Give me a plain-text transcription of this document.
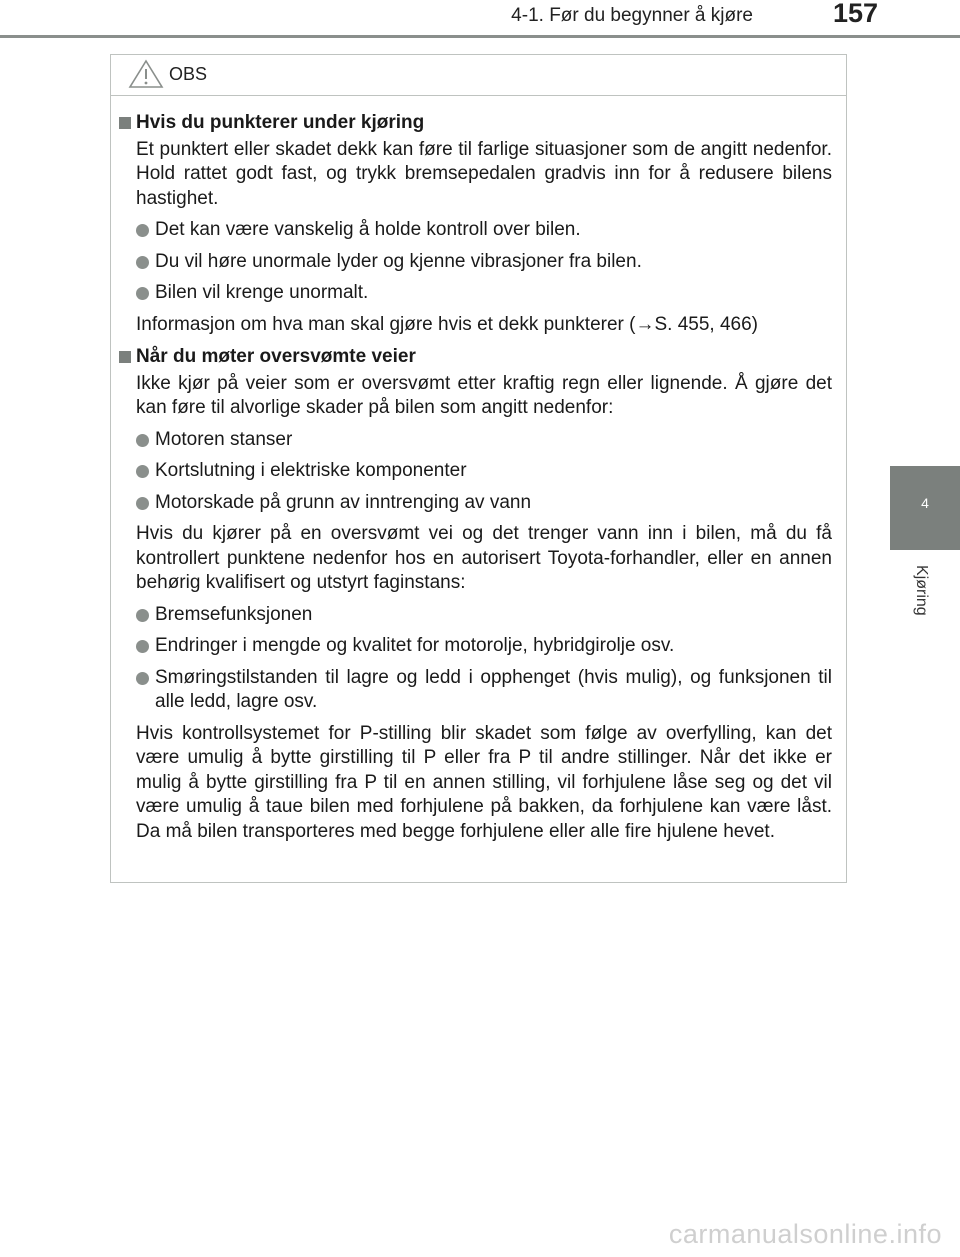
4-1. Før du begynner å kjøre	157
4
Kjøring
OBS
Hvis du punkterer under kjøring
Et punktert eller skadet dekk kan føre til farlige situasjoner som de angitt nedenfor. Hold rattet godt fast, og trykk bremsepedalen gradvis inn for å redusere bilens hastighet.
Det kan være vanskelig å holde kontroll over bilen.
Du vil høre unormale lyder og kjenne vibrasjoner fra bilen.
Bilen vil krenge unormalt.
Informasjon om hva man skal gjøre hvis et dekk punkterer (→S. 455, 466)
Når du møter oversvømte veier
Ikke kjør på veier som er oversvømt etter kraftig regn eller lignende. Å gjøre det kan føre til alvorlige skader på bilen som angitt nedenfor:
Motoren stanser
Kortslutning i elektriske komponenter
Motorskade på grunn av inntrenging av vann
Hvis du kjører på en oversvømt vei og det trenger vann inn i bilen, må du få kontrollert punktene nedenfor hos en autorisert Toyota-forhandler, eller en annen behørig kvalifisert og utstyrt faginstans:
Bremsefunksjonen
Endringer i mengde og kvalitet for motorolje, hybridgirolje osv.
Smøringstilstanden til lagre og ledd i opphenget (hvis mulig), og funksjonen til alle ledd, lagre osv.
Hvis kontrollsystemet for P-stilling blir skadet som følge av overfylling, kan det være umulig å bytte girstilling til P eller fra P til andre stillinger. Når det ikke er mulig å bytte girstilling fra P til en annen stilling, vil forhjulene låse seg og det vil være umulig å taue bilen med forhjulene på bakken, da forhjulene kan være låst. Da må bilen transporteres med begge forhjulene eller alle fire hjulene hevet.
carmanualsonline.info
